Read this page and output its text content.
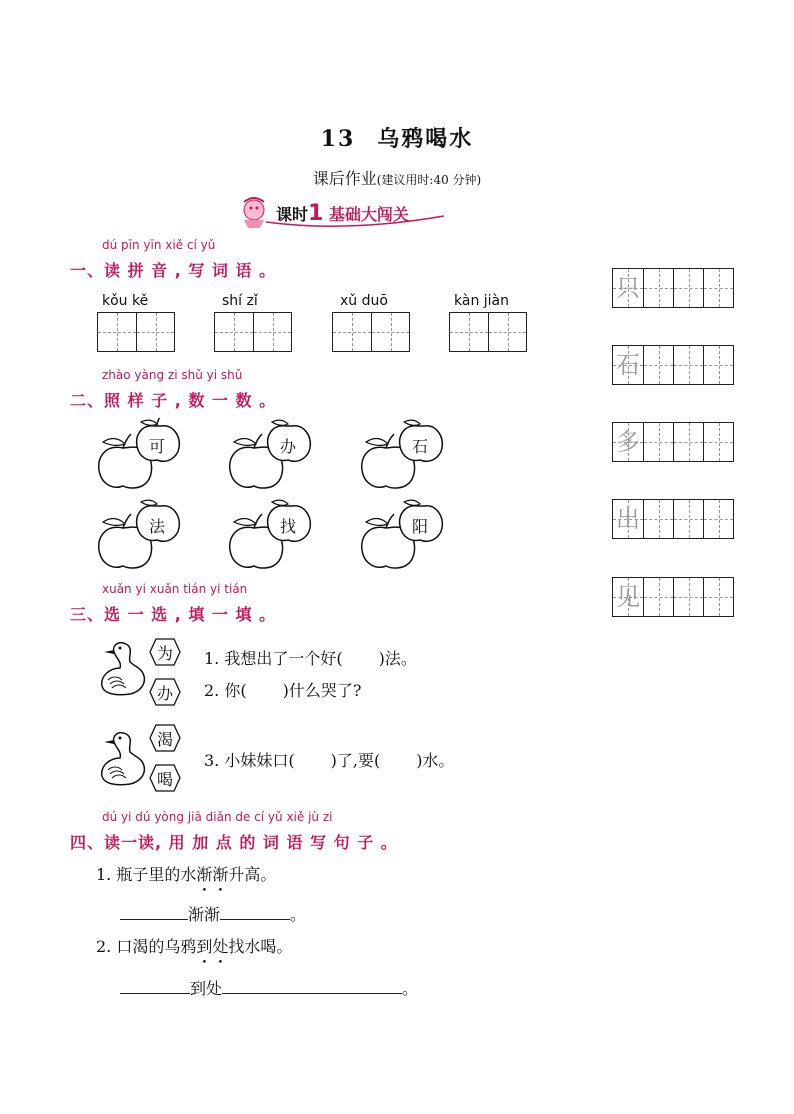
13 乌鸦喝水
课后作业(建议用时:40 分钟)
课时1 基础大闯关
dú pīn yīn xiě cí yǔ
一、读 拼 音 , 写 词 语 。
kǒu kě	shí zǐ	xǔ duō	kàn jiàn
zhào yàng zi shǔ yi shǔ
二、照 样 子 , 数 一 数 。
可	办	石
法	找	阳
xuǎn yi xuǎn tián yi tián
三、选 一 选 , 填 一 填 。
为
办
1. 我想出了一个好( )法。
2. 你( )什么哭了?
渴
喝
3. 小妹妹口( )了,要( )水。
dú yi dú yòng jiā diǎn de cí yǔ xiě jù zi
四、读一读, 用 加 点 的 词 语 写 句 子 。
1. 瓶子里的水渐渐升高。
渐渐	。
2. 口渴的乌鸦到处找水喝。
到处	。
只
石
多
出
见
